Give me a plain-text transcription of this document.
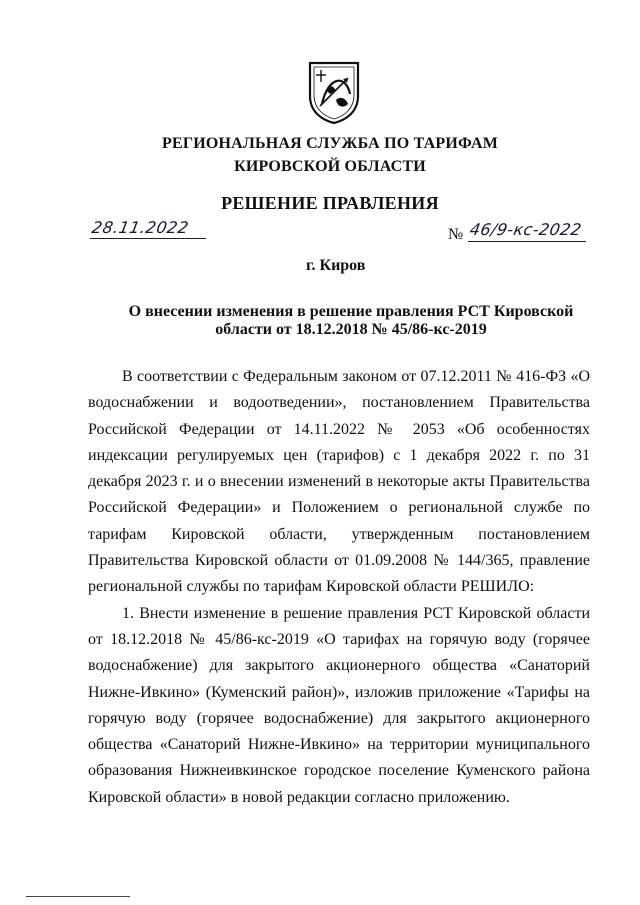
РЕГИОНАЛЬНАЯ СЛУЖБА ПО ТАРИФАМ
КИРОВСКОЙ ОБЛАСТИ
РЕШЕНИЕ ПРАВЛЕНИЯ
28.11.2022	№ 46/9-кс-2022
г. Киров
О внесении изменения в решение правления РСТ Кировской
области от 18.12.2018 № 45/86-кс-2019

В соответствии с Федеральным законом от 07.12.2011 № 416-ФЗ «О водоснабжении и водоотведении», постановлением Правительства Российской Федерации от 14.11.2022 № 2053 «Об особенностях индексации регулируемых цен (тарифов) с 1 декабря 2022 г. по 31 декабря 2023 г. и о внесении изменений в некоторые акты Правительства Российской Федерации» и Положением о региональной службе по тарифам Кировской области, утвержденным постановлением Правительства Кировской области от 01.09.2008 № 144/365, правление региональной службы по тарифам Кировской области РЕШИЛО:

1. Внести изменение в решение правления РСТ Кировской области от 18.12.2018 № 45/86-кс-2019 «О тарифах на горячую воду (горячее водоснабжение) для закрытого акционерного общества «Санаторий Нижне-Ивкино» (Куменский район)», изложив приложение «Тарифы на горячую воду (горячее водоснабжение) для закрытого акционерного общества «Санаторий Нижне-Ивкино» на территории муниципального образования Нижнеивкинское городское поселение Куменского района Кировской области» в новой редакции согласно приложению.
